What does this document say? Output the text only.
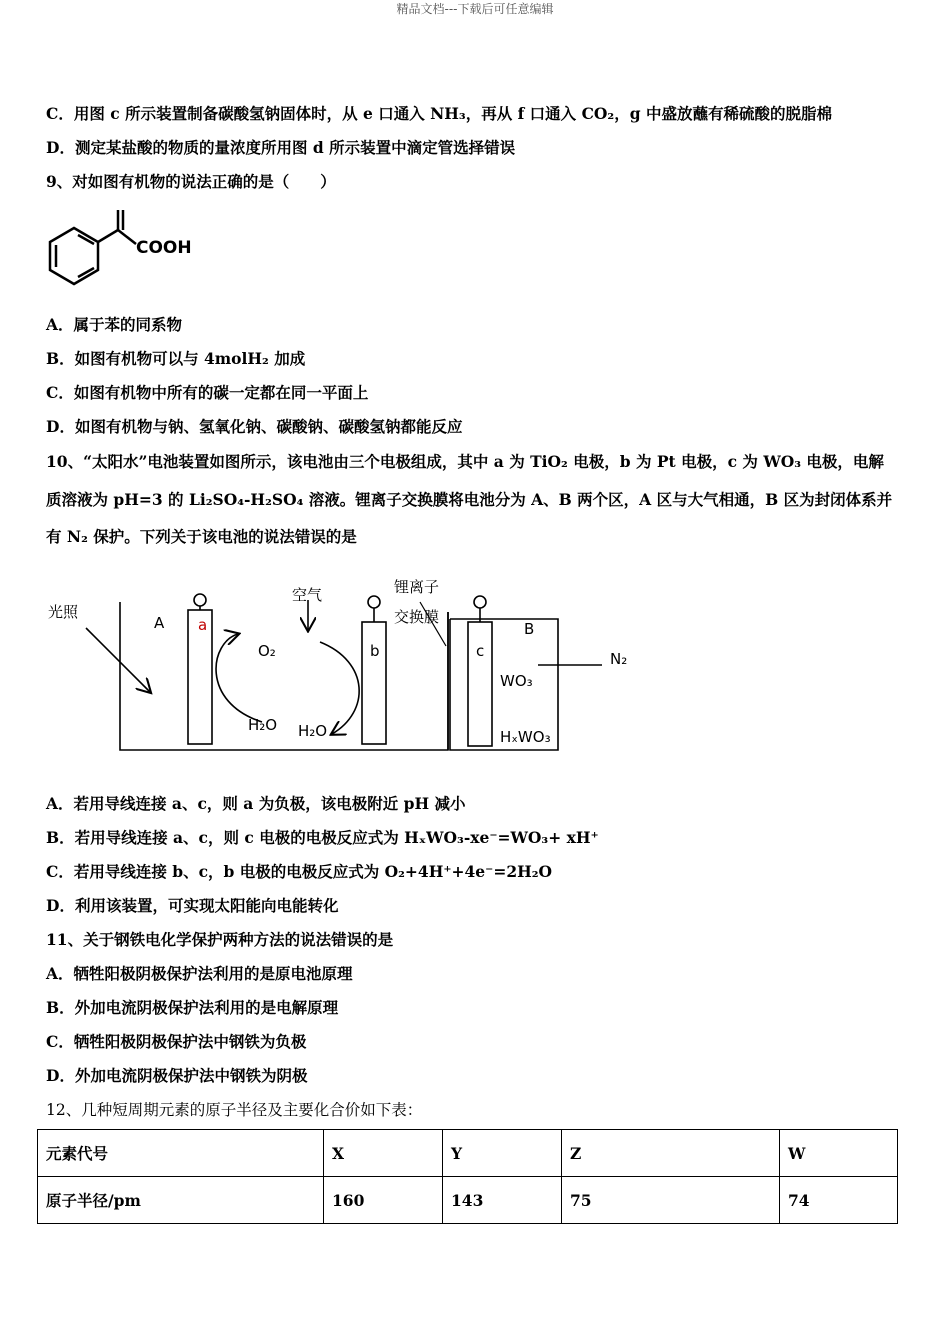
精品文档---下载后可任意编辑
C．用图 c 所示装置制备碳酸氢钠固体时，从 e 口通入 NH₃，再从 f 口通入 CO₂，g 中盛放蘸有稀硫酸的脱脂棉
D．测定某盐酸的物质的量浓度所用图 d 所示装置中滴定管选择错误
9、对如图有机物的说法正确的是（　　）
COOH
A．属于苯的同系物
B．如图有机物可以与 4molH₂ 加成
C．如图有机物中所有的碳一定都在同一平面上
D．如图有机物与钠、氢氧化钠、碳酸钠、碳酸氢钠都能反应
10、“太阳水”电池装置如图所示，该电池由三个电极组成，其中 a 为 TiO₂ 电极，b 为 Pt 电极，c 为 WO₃ 电极，电解
质溶液为 pH=3 的 Li₂SO₄-H₂SO₄ 溶液。锂离子交换膜将电池分为 A、B 两个区，A 区与大气相通，B 区为封闭体系并
有 N₂ 保护。下列关于该电池的说法错误的是
光照
空气	锂离子
交换膜
A	B
a
b	c
O₂
H₂O H₂O
WO₃
HₓWO₃
N₂
A．若用导线连接 a、c，则 a 为负极，该电极附近 pH 减小
B．若用导线连接 a、c，则 c 电极的电极反应式为 HₓWO₃-xe⁻=WO₃+ xH⁺
C．若用导线连接 b、c，b 电极的电极反应式为 O₂+4H⁺+4e⁻=2H₂O
D．利用该装置，可实现太阳能向电能转化
11、关于钢铁电化学保护两种方法的说法错误的是
A．牺牲阳极阴极保护法利用的是原电池原理
B．外加电流阴极保护法利用的是电解原理
C．牺牲阳极阴极保护法中钢铁为负极
D．外加电流阴极保护法中钢铁为阴极
12、几种短周期元素的原子半径及主要化合价如下表：
元素代号	X	Y	Z	W
原子半径/pm	160	143	75	74
